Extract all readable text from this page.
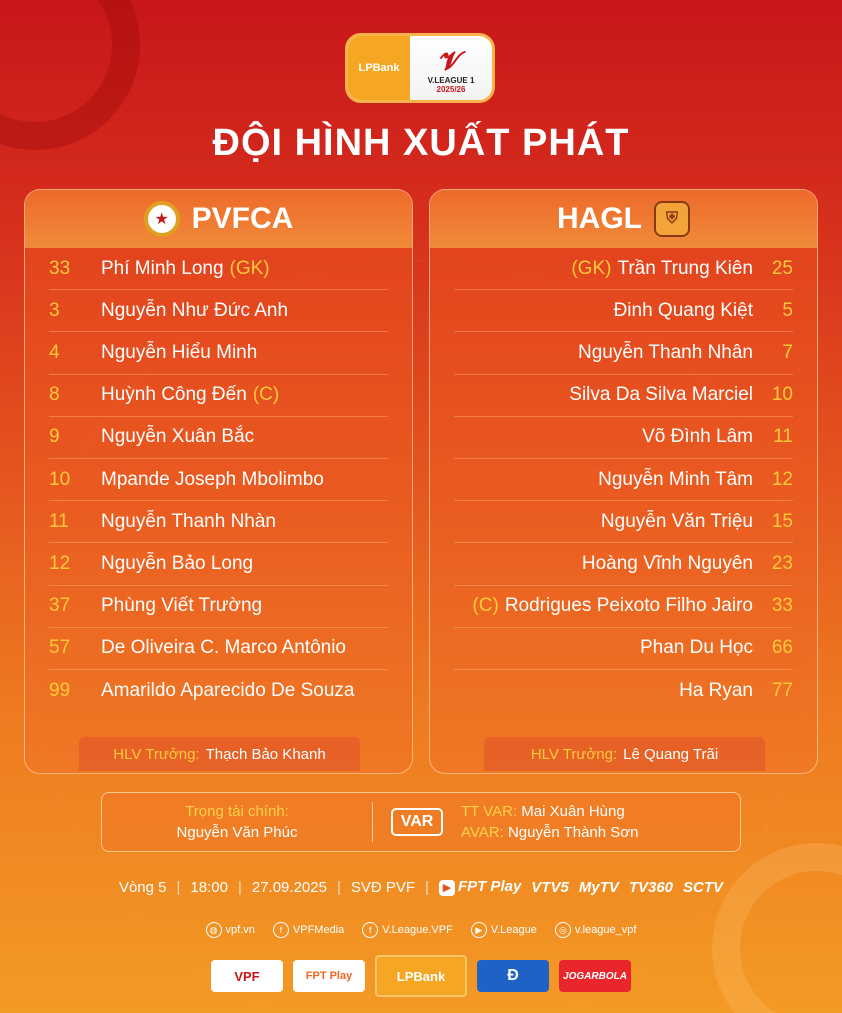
LPBank	𝓥
V.LEAGUE 1
2025/26
ĐỘI HÌNH XUẤT PHÁT
★ PVFCA
33	Phí Minh Long (GK)
3	Nguyễn Như Đức Anh
4	Nguyễn Hiểu Minh
8	Huỳnh Công Đến (C)
9	Nguyễn Xuân Bắc
10	Mpande Joseph Mbolimbo
11	Nguyễn Thanh Nhàn
12	Nguyễn Bảo Long
37	Phùng Viết Trường
57	De Oliveira C. Marco Antônio
99	Amarildo Aparecido De Souza
HLV Trưởng: Thạch Bảo Khanh
HAGL	⛨
(GK) Trần Trung Kiên 25
Đinh Quang Kiệt	5
Nguyễn Thanh Nhân	7
Silva Da Silva Marciel 10
Võ Đình Lâm	11
Nguyễn Minh Tâm 12
Nguyễn Văn Triệu 15
Hoàng Vĩnh Nguyên 23
(C) Rodrigues Peixoto Filho Jairo 33
Phan Du Học 66
Ha Ryan 77
HLV Trưởng: Lê Quang Trãi
Trọng tài chính:
Nguyễn Văn Phúc
VAR
TT VAR: Mai Xuân Hùng
AVAR: Nguyễn Thành Sơn
Vòng 5 | 18:00 | 27.09.2025 | SVĐ PVF |	▶ FPT Play VTV5 MyTV TV360 SCTV
◍ vpf.vn	f VPFMedia	f V.League.VPF	▶ V.League	◎ v.league_vpf
VPF	FPT Play	LPBank	Đ	JOGARBOLA
